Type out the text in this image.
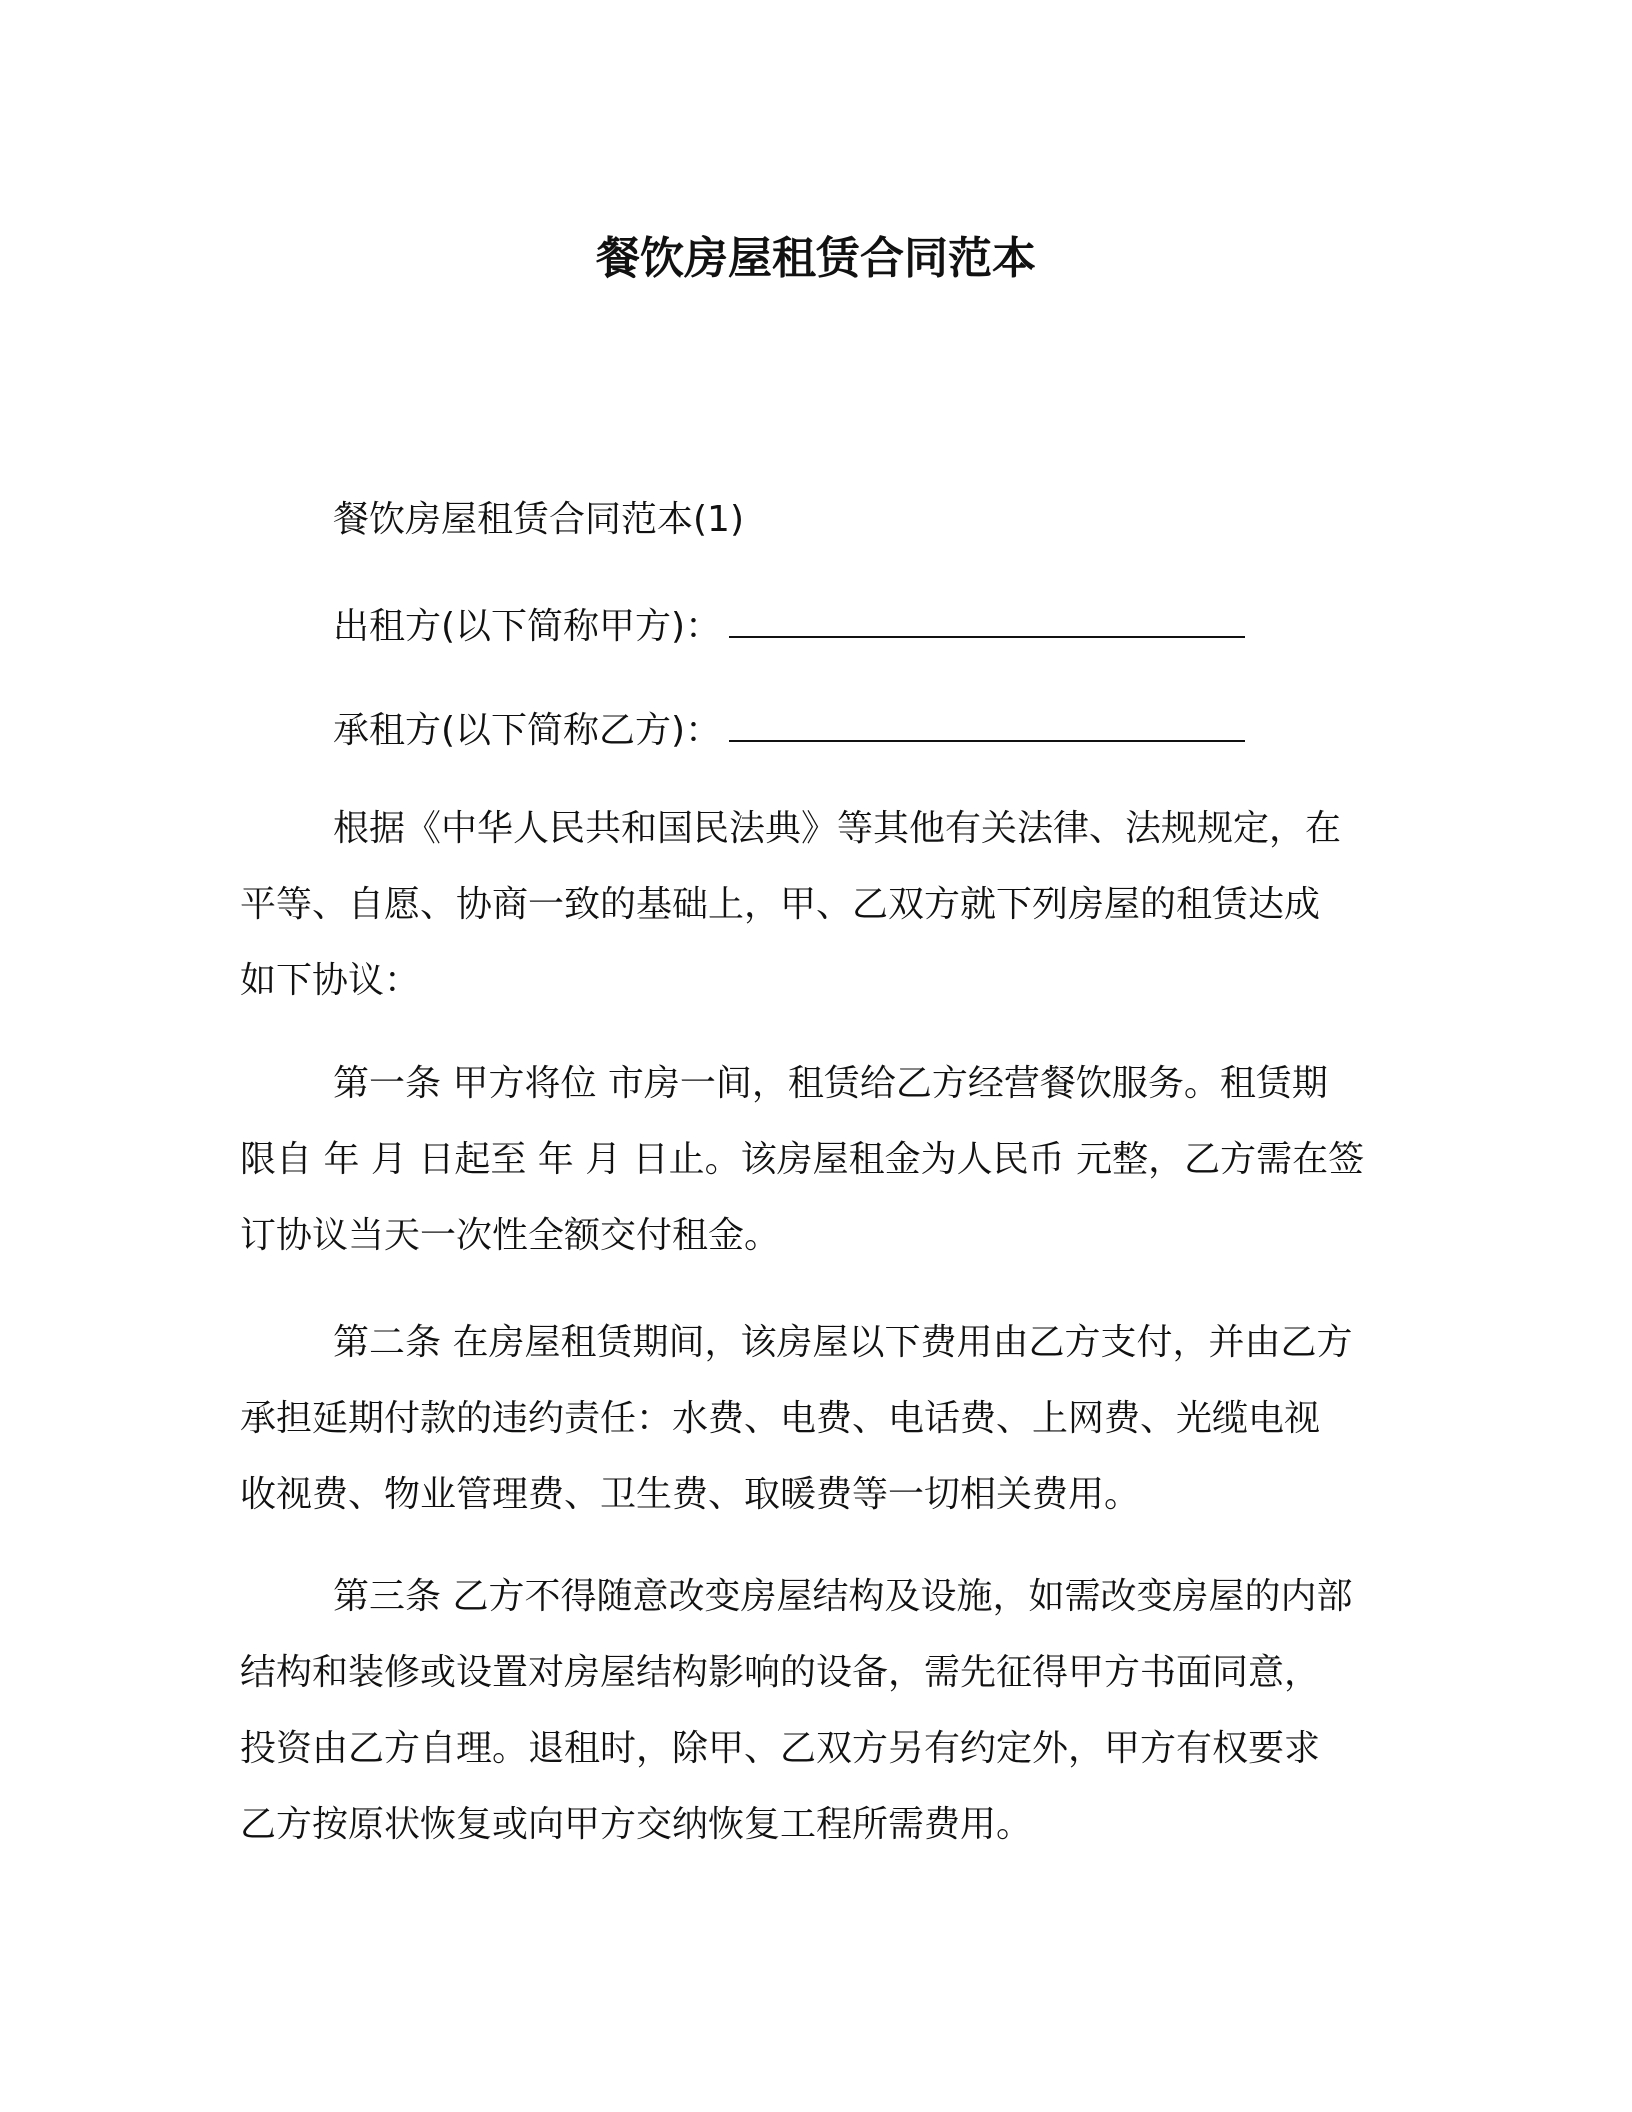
餐饮房屋租赁合同范本
餐饮房屋租赁合同范本(1)
出租方(以下简称甲方)：
承租方(以下简称乙方)：
根据《中华人民共和国民法典》等其他有关法律、法规规定，在
平等、自愿、协商一致的基础上，甲、乙双方就下列房屋的租赁达成
如下协议：
第一条 甲方将位 市房一间，租赁给乙方经营餐饮服务。租赁期
限自 年 月 日起至 年 月 日止。该房屋租金为人民币 元整，乙方需在签
订协议当天一次性全额交付租金。
第二条 在房屋租赁期间，该房屋以下费用由乙方支付，并由乙方
承担延期付款的违约责任：水费、电费、电话费、上网费、光缆电视
收视费、物业管理费、卫生费、取暖费等一切相关费用。
第三条 乙方不得随意改变房屋结构及设施，如需改变房屋的内部
结构和装修或设置对房屋结构影响的设备，需先征得甲方书面同意，
投资由乙方自理。退租时，除甲、乙双方另有约定外，甲方有权要求
乙方按原状恢复或向甲方交纳恢复工程所需费用。
